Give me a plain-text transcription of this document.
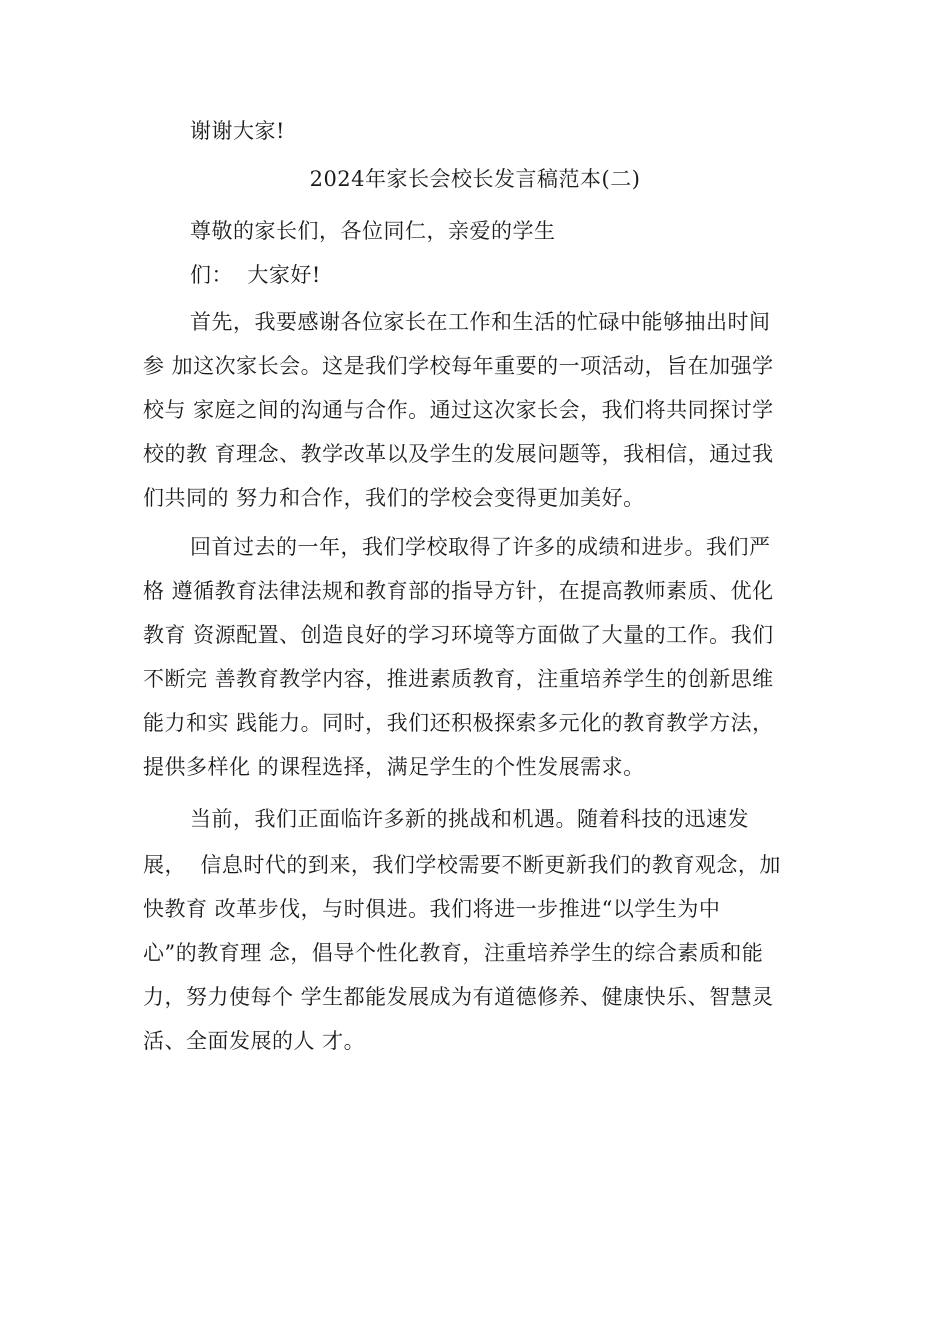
谢谢大家!
2024年家长会校长发言稿范本(二)
尊敬的家长们，各位同仁，亲爱的学生
们：  大家好!
首先，我要感谢各位家长在工作和生活的忙碌中能够抽出时间
参 加这次家长会。这是我们学校每年重要的一项活动，旨在加强学
校与 家庭之间的沟通与合作。通过这次家长会，我们将共同探讨学
校的教 育理念、教学改革以及学生的发展问题等，我相信，通过我
们共同的 努力和合作，我们的学校会变得更加美好。
回首过去的一年，我们学校取得了许多的成绩和进步。我们严
格 遵循教育法律法规和教育部的指导方针，在提高教师素质、优化
教育 资源配置、创造良好的学习环境等方面做了大量的工作。我们
不断完 善教育教学内容，推进素质教育，注重培养学生的创新思维
能力和实 践能力。同时，我们还积极探索多元化的教育教学方法，
提供多样化 的课程选择，满足学生的个性发展需求。
当前，我们正面临许多新的挑战和机遇。随着科技的迅速发
展，  信息时代的到来，我们学校需要不断更新我们的教育观念，加
快教育 改革步伐，与时俱进。我们将进一步推进“以学生为中
心”的教育理 念，倡导个性化教育，注重培养学生的综合素质和能
力，努力使每个 学生都能发展成为有道德修养、健康快乐、智慧灵
活、全面发展的人 才。
